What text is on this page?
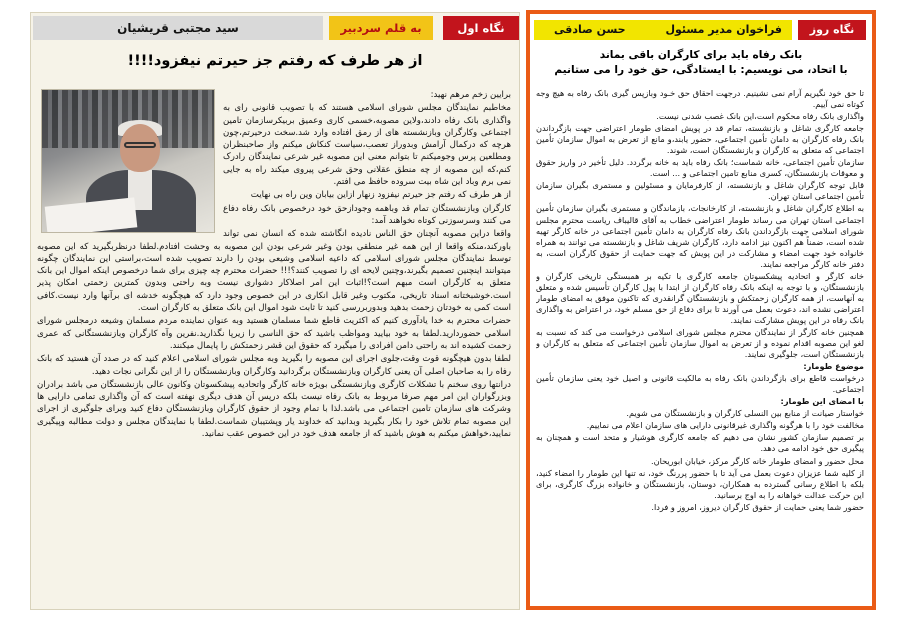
نگاه اول
به قلم سردبیر
سید مجتبی قریشیان
از هر طرف که رفتم جز حیرتم نیفزود!!!!

برایین زخم مرهم نهید:

مخاطبم نمایندگان مجلس شورای اسلامی هستند که با تصویب قانونی رای به واگذاری بانک رفاه دادند،ولاین مصوبه،خسمی کاری وعمیق بربیکرسازمان تامین اجتماعی وکارگران وبازنشسته های از رمق افتاده وارد شد.سخت درحیرتم،چون هرچه که درکمال آرامش وبدوراز تعصب،سیاست کنکاش میکنم واز صاحبنظران ومطلعین پرس وجومیکنم تا بتوانم معنی این مصوبه غیر شرعی نمایندگان رادرک کنم،که این مصوبه از چه منطق عقلانی وحق شرعی پیروی میکند راه به جایی نمی برم وباد این شاه بیت سروده حافظ می افتم.

از هر طرف که رفتم جز حیرتم نیفزود زنهار ازاین بیابان وین راه بی نهایت

کارگران وبازنشستگان تمام قد وباهمه وجودازحق خود درخصوص بانک رفاه دفاع می کنند وسرسوزنی کوتاه نخواهند آمد:

واقعا دراین مصوبه آنچنان حق الناس نادیده انگاشته شده که انسان نمی تواند باورکند،منکه واقعا از این همه غیر منطقی بودن وغیر شرعی بودن این مصوبه به وحشت افتادم.لطفا درنظربگیرید که این مصوبه توسط نمایندگان مجلس شورای اسلامی که داعیه اسلامی وشیعی بودن را دارند تصویب شده است،براستی این نمایندگان چگونه میتوانند اینچنین تصمیم بگیرند،وچنین لایحه ای را تصویب کنند؟!!! حضرات محترم چه چیزی برای شما درخصوص اینکه اموال این بانک متعلق به کارگران است مبهم است؟!اثبات این امر اصلاکار دشواری نیست وبه راحتی وبدون کمترین زحمتی امکان پذیر است.خوشبختانه اسناد تاریخی، مکتوب وغیر قابل انکاری در این خصوص وجود دارد که هیچگونه خدشه ای برآنها وارد نیست.کافی است کمی به خودتان زحمت بدهید وبدوربررسی کنید تا ثابت شود اموال این بانک متعلق به کارگران است.

حضرات محترم به خدا یادآوری کنیم که اکثریت قاطع شما مسلمان هستید وبه عنوان نماینده مردم مسلمان وشیعه درمجلس شورای اسلامی حضوردارید.لطفا به خود بیایید ومواظب باشید که حق الناسی را زیرپا نگذارید.نفرین وآه کارگران وبازنشستگانی که عمری زحمت کشیده اند به راحتی دامن افرادی را میگیرد که حقوق این قشر زحمتکش را پایمال میکنند.

لطفا بدون هیچگونه قوت وقت،جلوی اجرای این مصوبه را بگیرید وبه مجلس شورای اسلامی اعلام کنید که در صدد آن هستید که بانک رفاه را به صاحبان اصلی آن یعنی کارگران وبازنشستگان برگردانید وکارگران وبازنشستگان را از این نگرانی نجات دهید.

درانتها روی سخنم با تشکلات کارگری وبازنشستگی بویژه خانه کارگر واتحادیه پیشکسوتان وکانون عالی بازنشستگان می باشد برادران وبزرگواران این امر مهم صرفا مربوط به بانک رفاه نیست بلکه درپس آن هدف دیگری نهفته است که آن واگذاری تمامی دارایی ها وشرکت های سازمان تامین اجتماعی می باشد.لذا با تمام وجود از حقوق کارگران وبازنشستگان دفاع کنید وبرای جلوگیری از اجرای این مصوبه تمام تلاش خود را بکار بگیرید وبدانید که خداوند یار وپشتیبان شماست.لطفا با نمایندگان مجلس و دولت مطالبه وپیگیری نمایید،خواهش میکنم به هوش باشید که از جامعه هدف خود در این خصوص عقب نمانید.

نگاه روز
فراخوان مدیر مسئول
حسن صادقی
بانک رفاه باید برای کارگران باقی بماند
با اتحاد، می نویسیم: با ایستادگی، حق خود را می ستانیم

تا حق خود نگیریم آرام نمی نشینیم. درجهت احقاق حق خـود وبازپس گیری بانک رفاه به هیچ وجه کوتاه نمی آییم.

واگذاری بانک رفاه محکوم است،این بانک غصب شدنی نیست.

جامعه کارگری شاغل و بازنشسته، تمام قد در پویش امضای طومار اعتراضی جهت بازگرداندن بانک رفاه کارگران به دامان تأمین اجتماعی، حضور یابند،و مانع از تعرض به اموال سازمان تأمین اجتماعی که متعلق به کارگران و بازنشستگان است، شوند.

سازمان تأمین اجتماعی، خانه شماست؛ بانک رفاه باید به خانه برگردد. دلیل تأخیر در واریز حقوق و معوقات بازنشستگان، کسری منابع تامین اجتماعی و ... است.

قابل توجه کارگران شاغل و بازنشسته، از کارفرمایان و مسئولین و مستمری بگیران سازمان تأمین اجتماعی استان تهران.

به اطلاع کارگران شاغل و بازنشسته، از کارخانجات، بازماندگان و مستمری بگیران سازمان تأمین اجتماعی استان تهران می رساند طومار اعتراضی خطاب به آقای قالیباف ریاست محترم مجلس شورای اسلامی جهت بازگرداندن بانک رفاه کارگران به دامان تأمین اجتماعی در خانه کارگر تهیه شده است، ضمناً هم اکنون نیز ادامه دارد، کارگران شریف شاغل و بازنشسته می توانند به همراه خانواده خود جهت امضاء و مشارکت در این پویش که جهت حمایت از حقوق کارگران است، به دفتر خانه کارگر مراجعه نمایند.

خانه کارگر و اتحادیه پیشکسوتان جامعه کارگری با تکیه بر همبستگی تاریخی کارگران و بازنشستگان، و با توجه به اینکه بانک رفاه کارگران از ابتدا با پول کارگران تأسیس شده و متعلق به آنهاست، از همه کارگران زحمتکش و بازنشستگان گرانقدری که تاکنون موفق به امضای طومار اعتراضی نشده اند، دعوت بعمل می آورند تا برای دفاع از حق مسلم خود، در اعتراض به واگذاری بانک رفاه در این پویش مشارکت نمایند.

همچنین خانه کارگر از نمایندگان محترم مجلس شورای اسلامی درخواست می کند که نسبت به لغو این مصوبه اقدام نموده و از تعرض به اموال سازمان تأمین اجتماعی که متعلق به کارگران و بازنشستگان است، جلوگیری نمایند.

موضوع طومار:

درخواست قاطع برای بازگرداندن بانک رفاه به مالکیت قانونی و اصیل خود یعنی سازمان تأمین اجتماعی.

با امضای این طومار:

خواستار صیانت از منابع بین النسلی کارگران و بازنشستگان می شویم.

مخالفت خود را با هرگونه واگذاری غیرقانونی دارایی های سازمان اعلام می نماییم.

بر تصمیم سازمان کشور نشان می دهیم که جامعه کارگری هوشیار و متحد است و همچنان به پیگیری حق خود ادامه می دهد.

محل حضور و امضای طومار خانه کارگر مرکز، خیابان ابوریحان.

از کلیه شما عزیزان دعوت بعمل می آید تا با حضور پررنگ خود، نه تنها این طومار را امضاء کنید، بلکه با اطلاع رسانی گسترده به همکاران، دوستان، بازنشستگان و خانواده بزرگ کارگری، برای این حرکت عدالت خواهانه را به اوج برسانید.

حضور شما یعنی حمایت از حقوق کارگران دیروز، امروز و فردا.
